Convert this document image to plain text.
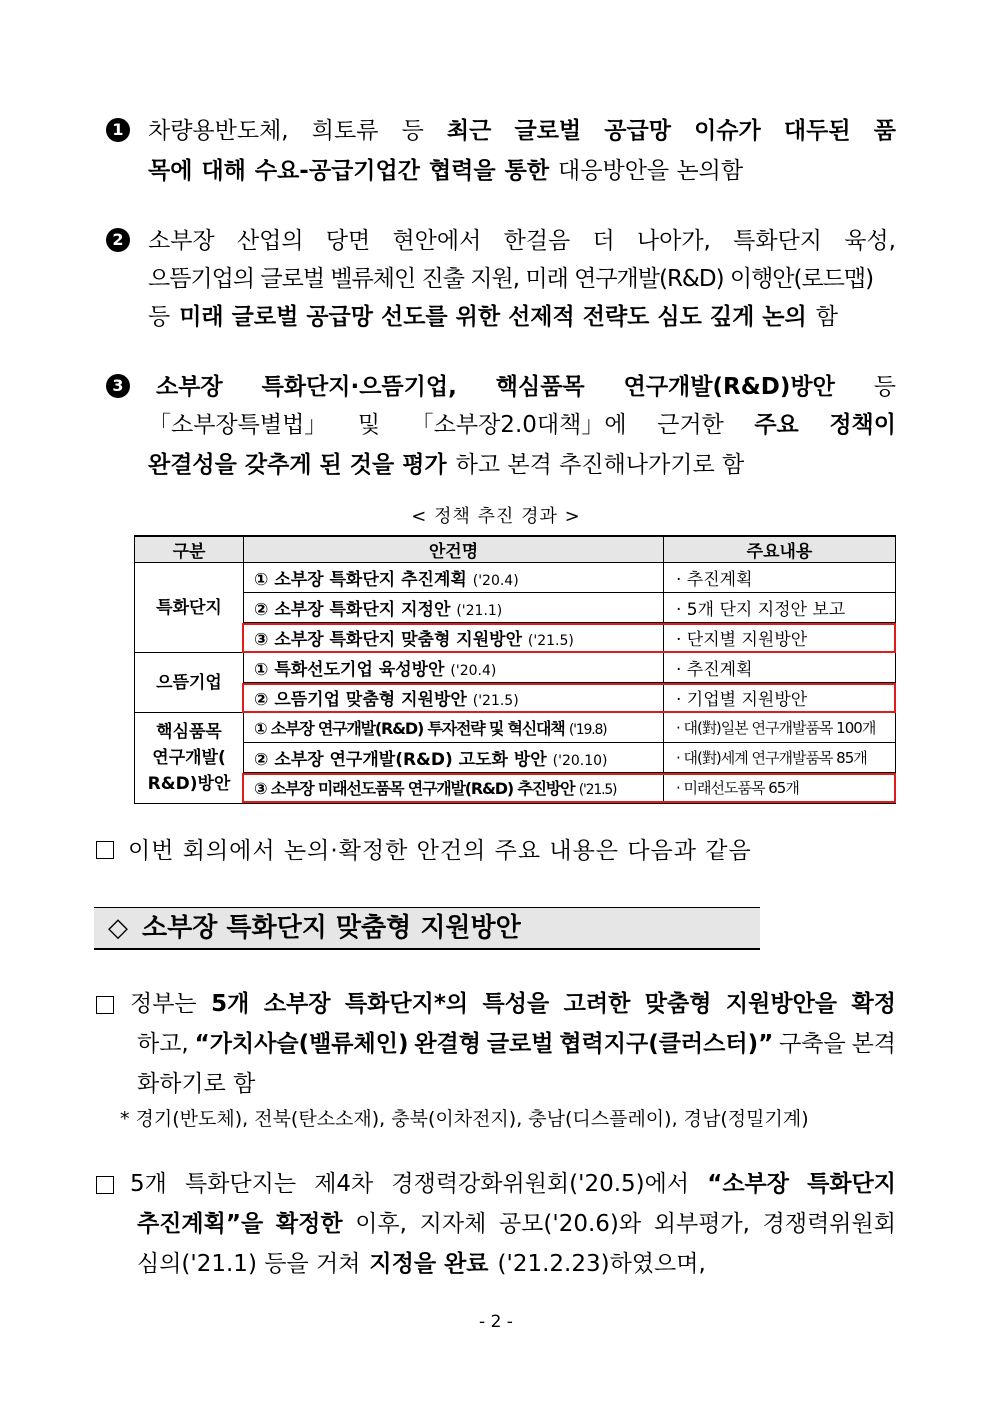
1 차량용반도체, 희토류 등 최근 글로벌 공급망 이슈가 대두된 품
목에 대해 수요-공급기업간 협력을 통한 대응방안을 논의함
2 소부장 산업의 당면 현안에서 한걸음 더 나아가, 특화단지 육성,
으뜸기업의 글로벌 벨류체인 진출 지원, 미래 연구개발(R&D) 이행안(로드맵)
등 미래 글로벌 공급망 선도를 위한 선제적 전략도 심도 깊게 논의 함
3 소부장 특화단지·으뜸기업, 핵심품목 연구개발(R&D)방안 등
「소부장특별법」 및 「소부장2.0대책」에 근거한 주요 정책이
완결성을 갖추게 된 것을 평가 하고 본격 추진해나가기로 함
< 정책 추진 경과 >
구분	안건명	주요내용
특화단지	① 소부장 특화단지 추진계획 ('20.4)	· 추진계획
	② 소부장 특화단지 지정안 ('21.1)	· 5개 단지 지정안 보고
	③ 소부장 특화단지 맞춤형 지원방안 ('21.5)	· 단지별 지원방안
으뜸기업	① 특화선도기업 육성방안 ('20.4)	· 추진계획
	② 으뜸기업 맞춤형 지원방안 ('21.5)	· 기업별 지원방안
핵심품목
연구개발(
R&D)방안	① 소부장 연구개발(R&D) 투자전략 및 혁신대책 ('19.8)	· 대(對)일본 연구개발품목 100개
	② 소부장 연구개발(R&D) 고도화 방안 ('20.10)	· 대(對)세계 연구개발품목 85개
	③ 소부장 미래선도품목 연구개발(R&D) 추진방안 ('21.5)	· 미래선도품목 65개
이번 회의에서 논의·확정한 안건의 주요 내용은 다음과 같음
◇ 소부장 특화단지 맞춤형 지원방안
정부는 5개 소부장 특화단지*의 특성을 고려한 맞춤형 지원방안을 확정
하고, “가치사슬(밸류체인) 완결형 글로벌 협력지구(클러스터)” 구축을 본격
화하기로 함
* 경기(반도체), 전북(탄소소재), 충북(이차전지), 충남(디스플레이), 경남(정밀기계)
5개 특화단지는 제4차 경쟁력강화위원회('20.5)에서 “소부장 특화단지
추진계획”을 확정한 이후, 지자체 공모('20.6)와 외부평가, 경쟁력위원회
심의('21.1) 등을 거쳐 지정을 완료 ('21.2.23)하였으며,
- 2 -
